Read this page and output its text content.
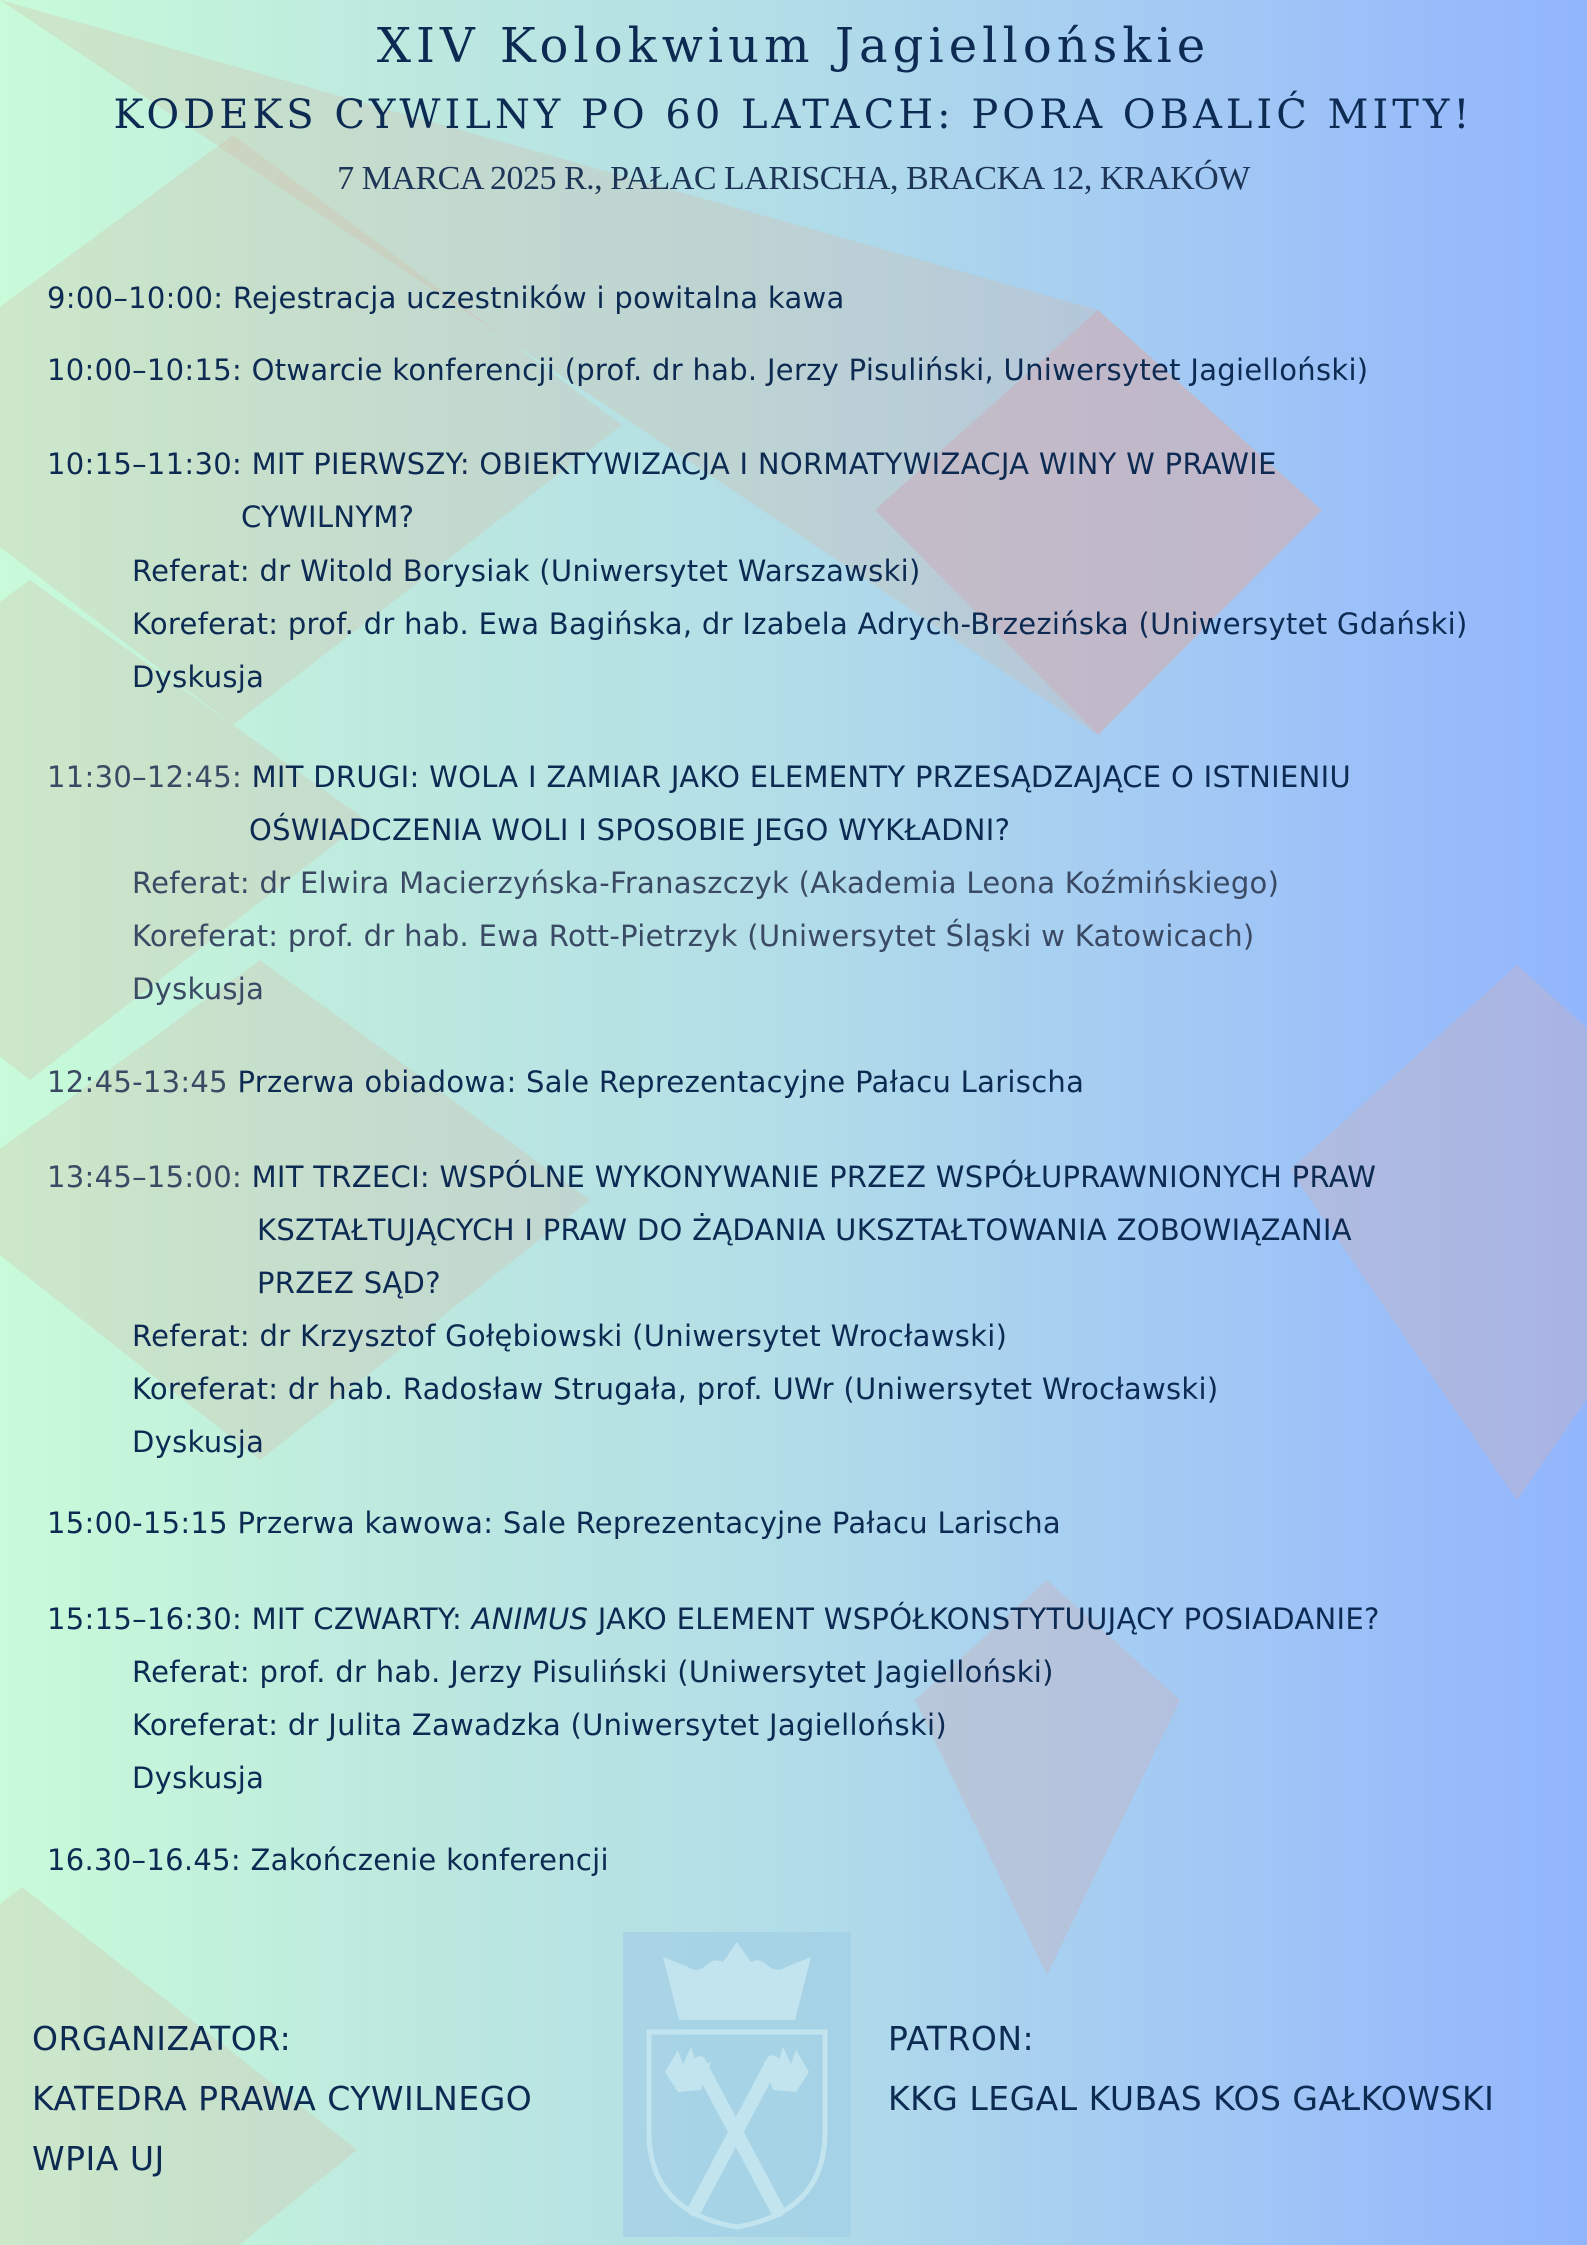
XIV Kolokwium Jagiellońskie
KODEKS CYWILNY PO 60 LATACH: PORA OBALIĆ MITY!
7 MARCA 2025 R., PAŁAC LARISCHA, BRACKA 12, KRAKÓW
9:00–10:00: Rejestracja uczestników i powitalna kawa
10:00–10:15: Otwarcie konferencji (prof. dr hab. Jerzy Pisuliński, Uniwersytet Jagielloński)
10:15–11:30: MIT PIERWSZY: OBIEKTYWIZACJA I NORMATYWIZACJA WINY W PRAWIE
CYWILNYM?
Referat: dr Witold Borysiak (Uniwersytet Warszawski)
Koreferat: prof. dr hab. Ewa Bagińska, dr Izabela Adrych-Brzezińska (Uniwersytet Gdański)
Dyskusja
11:30–12:45: MIT DRUGI: WOLA I ZAMIAR JAKO ELEMENTY PRZESĄDZAJĄCE O ISTNIENIU
OŚWIADCZENIA WOLI I SPOSOBIE JEGO WYKŁADNI?
Referat: dr Elwira Macierzyńska-Franaszczyk (Akademia Leona Koźmińskiego)
Koreferat: prof. dr hab. Ewa Rott-Pietrzyk (Uniwersytet Śląski w Katowicach)
Dyskusja
12:45-13:45 Przerwa obiadowa: Sale Reprezentacyjne Pałacu Larischa
13:45–15:00: MIT TRZECI: WSPÓLNE WYKONYWANIE PRZEZ WSPÓŁUPRAWNIONYCH PRAW
KSZTAŁTUJĄCYCH I PRAW DO ŻĄDANIA UKSZTAŁTOWANIA ZOBOWIĄZANIA
PRZEZ SĄD?
Referat: dr Krzysztof Gołębiowski (Uniwersytet Wrocławski)
Koreferat: dr hab. Radosław Strugała, prof. UWr (Uniwersytet Wrocławski)
Dyskusja
15:00-15:15 Przerwa kawowa: Sale Reprezentacyjne Pałacu Larischa
15:15–16:30: MIT CZWARTY: ANIMUS JAKO ELEMENT WSPÓŁKONSTYTUUJĄCY POSIADANIE?
Referat: prof. dr hab. Jerzy Pisuliński (Uniwersytet Jagielloński)
Koreferat: dr Julita Zawadzka (Uniwersytet Jagielloński)
Dyskusja
16.30–16.45: Zakończenie konferencji
ORGANIZATOR:
KATEDRA PRAWA CYWILNEGO
WPIA UJ
PATRON:
KKG LEGAL KUBAS KOS GAŁKOWSKI
